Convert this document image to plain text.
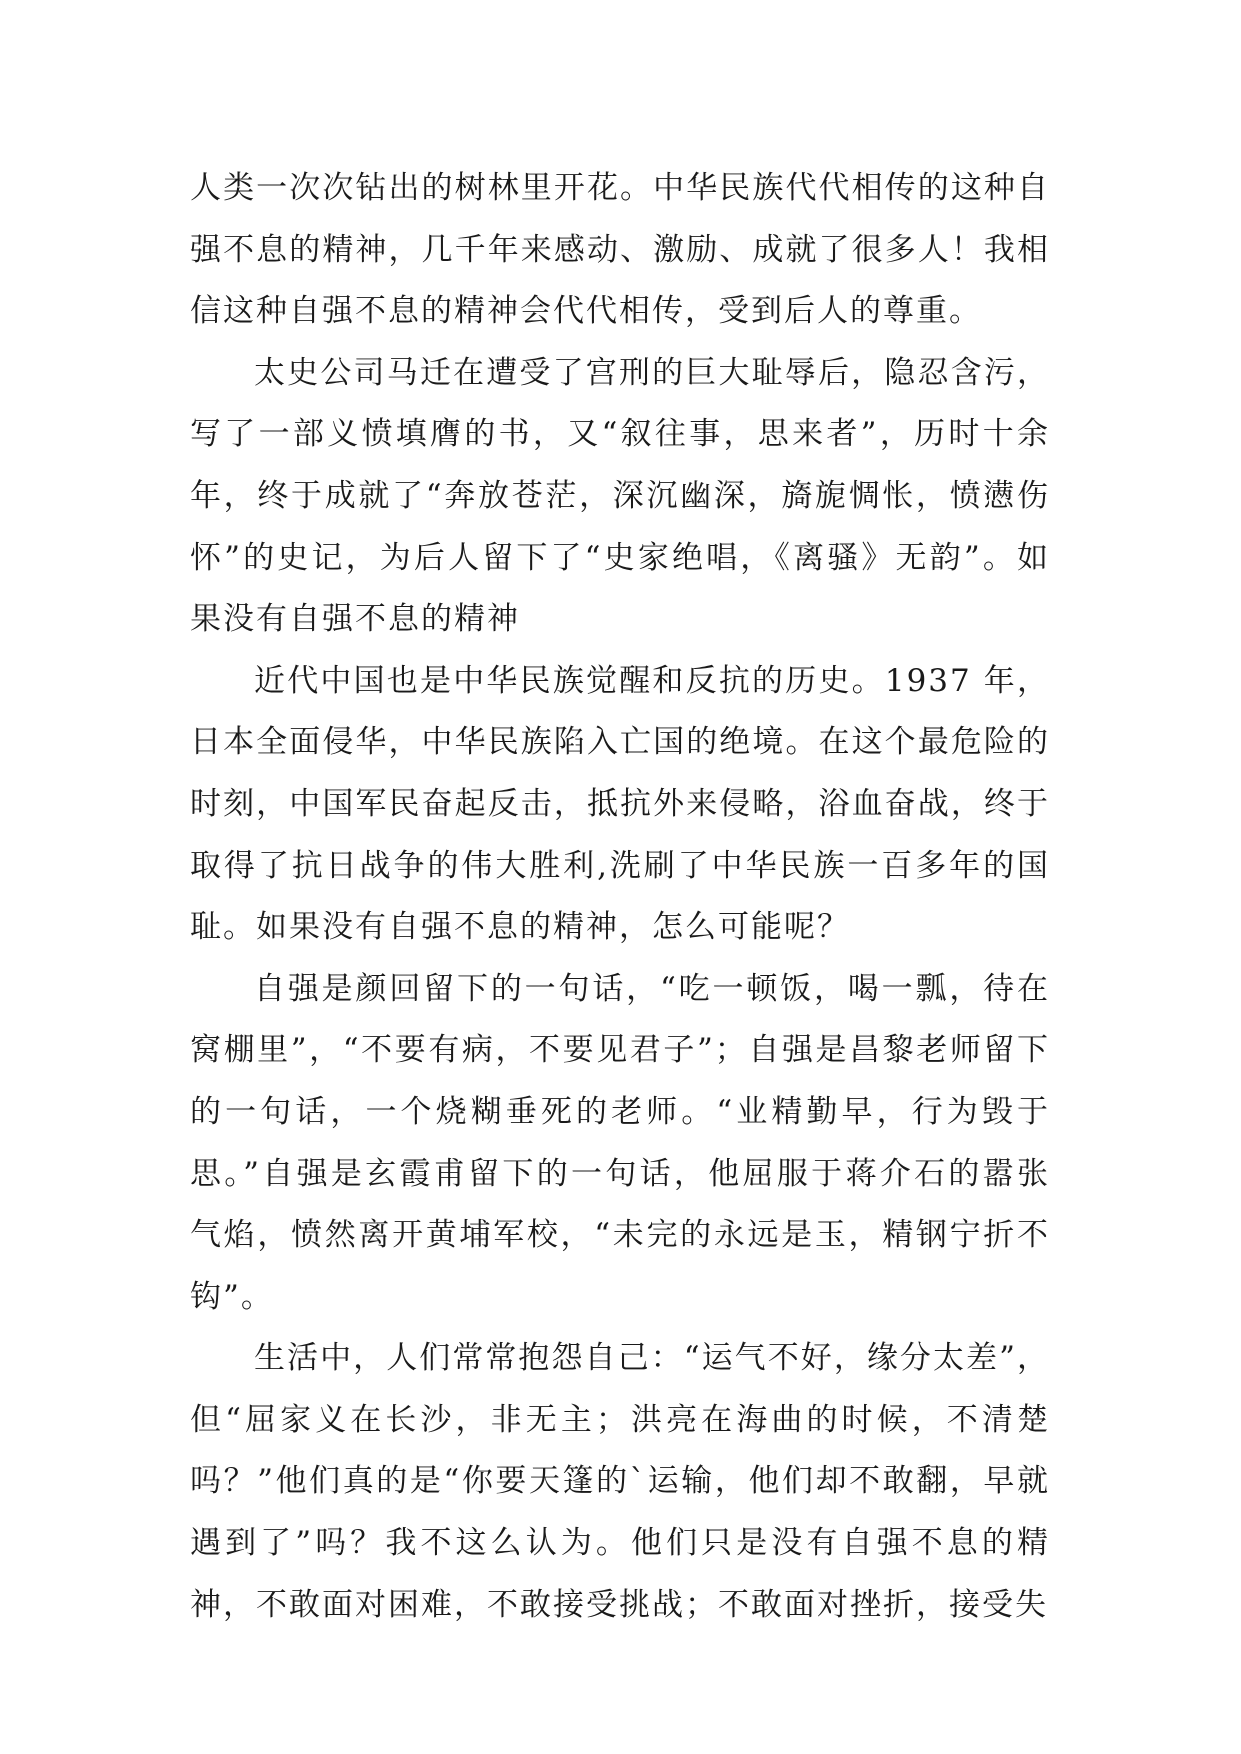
人类一次次钻出的树林里开花。中华民族代代相传的这种自强不息的精神，几千年来感动、激励、成就了很多人！我相信这种自强不息的精神会代代相传，受到后人的尊重。

太史公司马迁在遭受了宫刑的巨大耻辱后，隐忍含污，写了一部义愤填膺的书，又“叙往事，思来者”，历时十余年，终于成就了“奔放苍茫，深沉幽深，旖旎惆怅，愤懑伤怀”的史记，为后人留下了“史家绝唱，《离骚》无韵”。如果没有自强不息的精神

近代中国也是中华民族觉醒和反抗的历史。1937 年，日本全面侵华，中华民族陷入亡国的绝境。在这个最危险的时刻，中国军民奋起反击，抵抗外来侵略，浴血奋战，终于取得了抗日战争的伟大胜利,洗刷了中华民族一百多年的国耻。如果没有自强不息的精神，怎么可能呢？

自强是颜回留下的一句话，“吃一顿饭，喝一瓢，待在窝棚里”，“不要有病，不要见君子”；自强是昌黎老师留下的一句话，一个烧糊垂死的老师。“业精勤早，行为毁于思。”自强是玄霞甫留下的一句话，他屈服于蒋介石的嚣张气焰，愤然离开黄埔军校，“未完的永远是玉，精钢宁折不钩”。

生活中，人们常常抱怨自己：“运气不好，缘分太差”，但“屈家义在长沙，非无主；洪亮在海曲的时候，不清楚吗？”他们真的是“你要天篷的`运输，他们却不敢翻，早就遇到了”吗？我不这么认为。他们只是没有自强不息的精神，不敢面对困难，不敢接受挑战；不敢面对挫折，接受失
